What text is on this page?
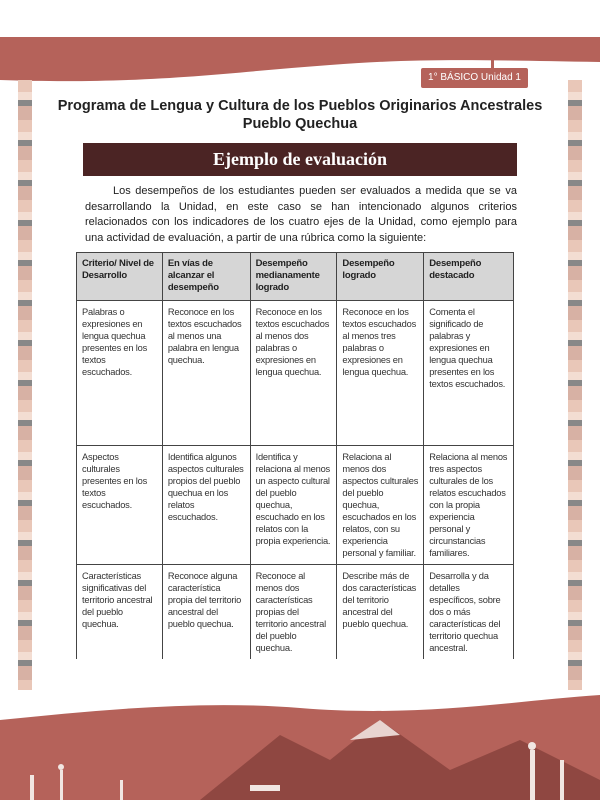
1° BÁSICO Unidad 1
Programa de Lengua y Cultura de los Pueblos Originarios Ancestrales
Pueblo Quechua
Ejemplo de evaluación
Los desempeños de los estudiantes pueden ser evaluados a medida que se va desarrollando la Unidad, en este caso se han intencionado algunos criterios relacionados con los indicadores de los cuatro ejes de la Unidad, como ejemplo para una actividad de evaluación, a partir de una rúbrica como la siguiente:
Criterio/ Nivel de Desarrollo	En vías de alcanzar el desempeño	Desempeño medianamente logrado	Desempeño logrado	Desempeño destacado
Palabras o expresiones en lengua quechua presentes en los textos escuchados.	Reconoce en los textos escuchados al menos una palabra en lengua quechua.	Reconoce en los textos escuchados al menos dos palabras o expresiones en lengua quechua.	Reconoce en los textos escuchados al menos tres palabras o expresiones en lengua quechua.	Comenta el significado de palabras y expresiones en lengua quechua presentes en los textos escuchados.
Aspectos culturales presentes en los textos escuchados.	Identifica algunos aspectos culturales propios del pueblo quechua en los relatos escuchados.	Identifica y relaciona al menos un aspecto cultural del pueblo quechua, escuchado en los relatos con la propia experiencia.	Relaciona al menos dos aspectos culturales del pueblo quechua, escuchados en los relatos, con su experiencia personal y familiar.	Relaciona al menos tres aspectos culturales de los relatos escuchados con la propia experiencia personal y circunstancias familiares.
Características significativas del territorio ancestral del pueblo quechua.	Reconoce alguna característica propia del territorio ancestral del pueblo quechua.	Reconoce al menos dos características propias del territorio ancestral del pueblo quechua.	Describe más de dos características del territorio ancestral del pueblo quechua.	Desarrolla y da detalles específicos, sobre dos o más características del territorio quechua ancestral.
